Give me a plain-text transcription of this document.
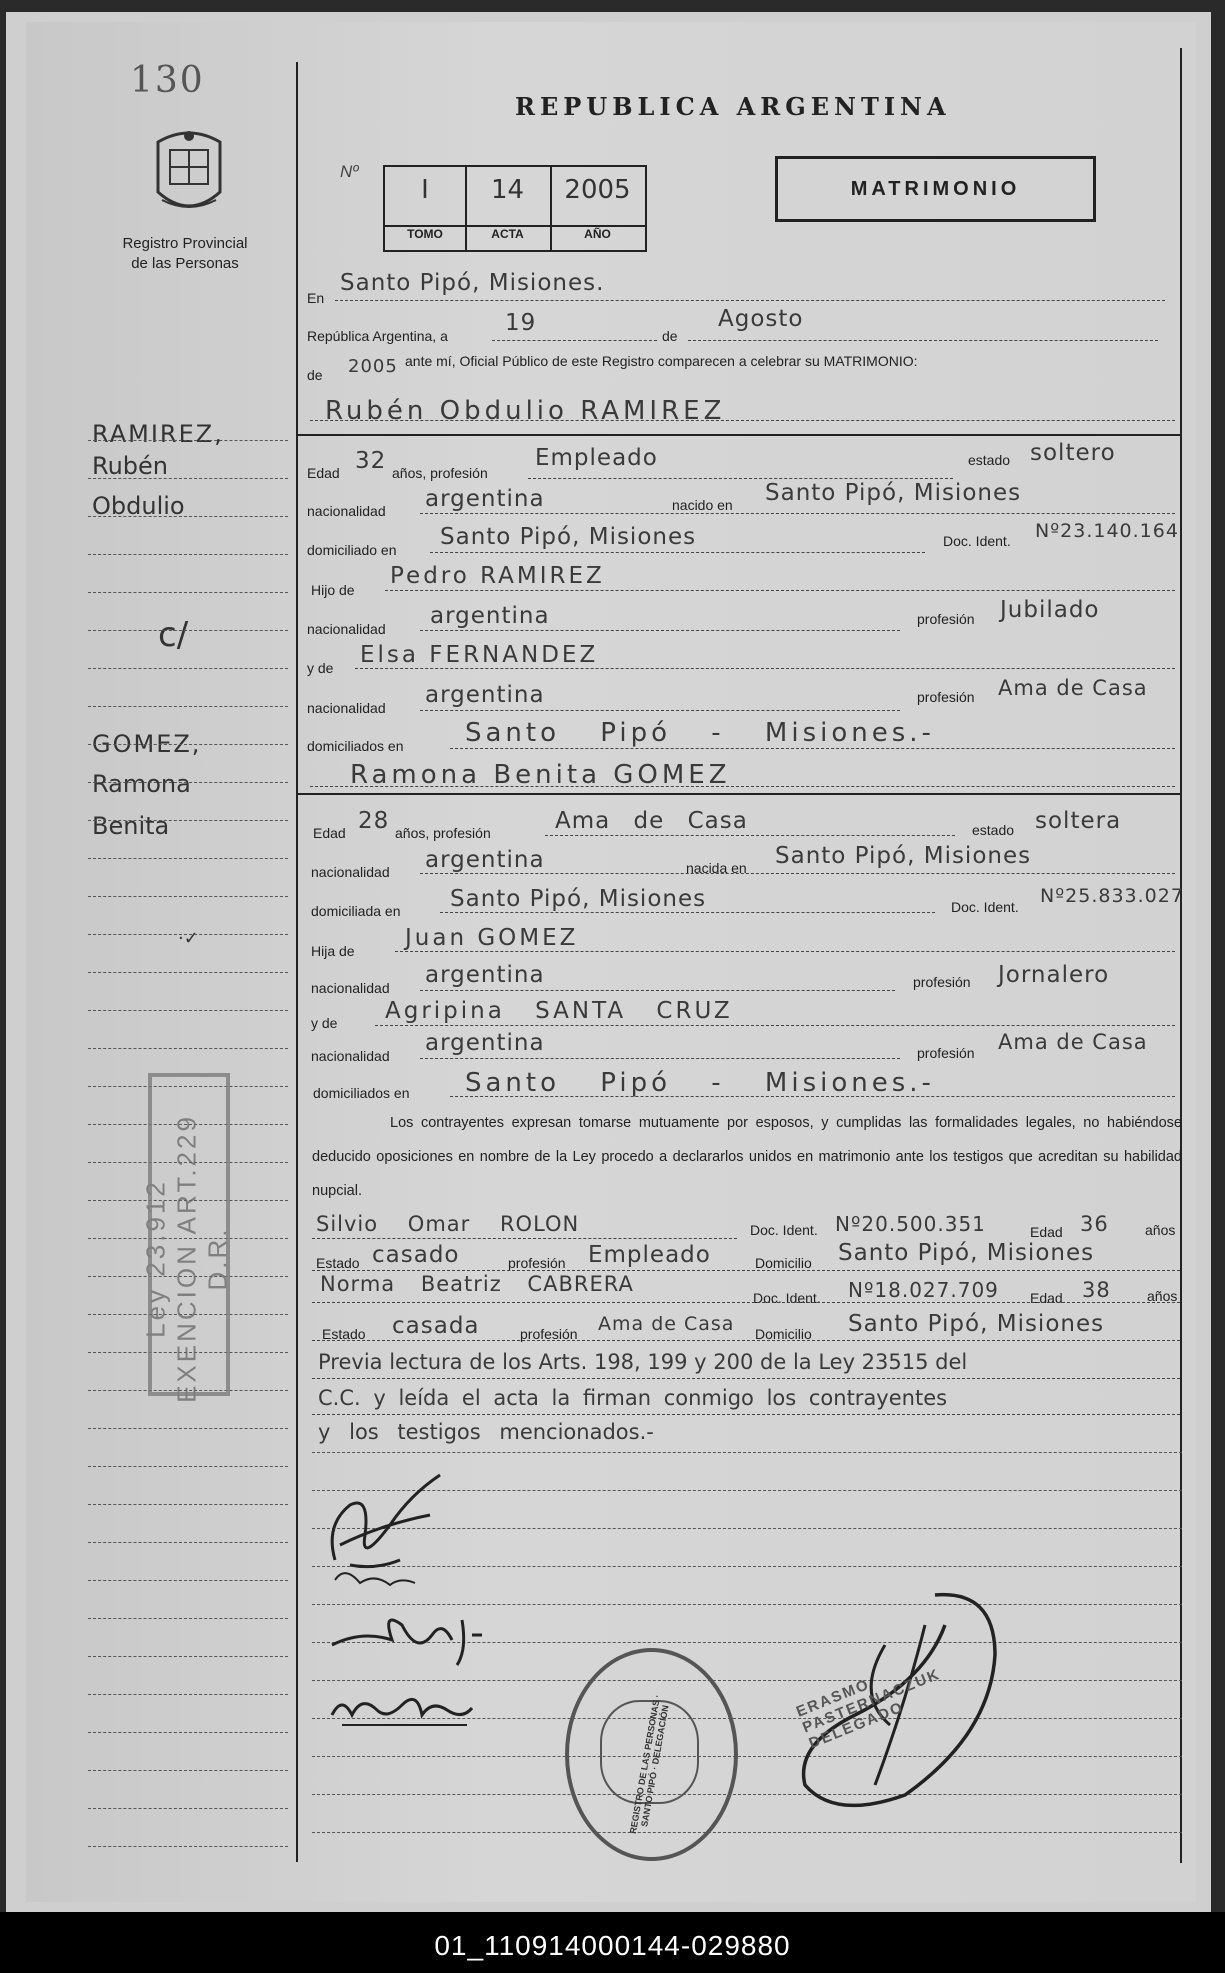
130
Registro Provincial
de las Personas
REPUBLICA ARGENTINA
Nº
I	14	2005
TOMO	ACTA	AÑO
MATRIMONIO
En
Santo Pipó, Misiones.
República Argentina, a 19	de
Agosto
de 2005 ante mí, Oficial Público de este Registro comparecen a celebrar su MATRIMONIO:
Rubén Obdulio RAMIREZ
Edad 32 años, profesión
Empleado	estado soltero
nacionalidad argentina	nacido en Santo Pipó, Misiones
domiciliado en Santo Pipó, Misiones	Doc. Ident. Nº23.140.164
Hijo de
Pedro RAMIREZ
nacionalidad argentina	profesión Jubilado
y de Elsa FERNANDEZ
nacionalidad argentina	profesión Ama de Casa
domiciliados en Santo Pipó - Misiones.-
Ramona Benita GOMEZ
Edad 28 años, profesión	Ama de Casa	estado soltera
nacionalidad argentina	nacida en Santo Pipó, Misiones
domiciliada en Santo Pipó, Misiones	Doc. Ident. Nº25.833.027
Hija de Juan GOMEZ
nacionalidad argentina	profesión Jornalero
y de Agripina SANTA CRUZ
nacionalidad argentina	profesión Ama de Casa
domiciliados en Santo Pipó - Misiones.-
Los contrayentes expresan tomarse mutuamente por esposos, y cumplidas las formalidades legales, no habiéndose deducido oposiciones en nombre de la Ley procedo a declararlos unidos en matrimonio ante los testigos que acreditan su habilidad nupcial.
Silvio Omar ROLON	Doc. Ident. Nº20.500.351	Edad 36	años
Estado casado	profesión Empleado	Domicilio Santo Pipó, Misiones
Norma Beatriz CABRERA
Doc. Ident. Nº18.027.709 Edad 38	años
Estado casada	profesión Ama de Casa Domicilio Santo Pipó, Misiones
Previa lectura de los Arts. 198, 199 y 200 de la Ley 23515 del
C.C. y leída el acta la firman conmigo los contrayentes
y los testigos mencionados.-
RAMIREZ,
Rubén
Obdulio
c/
GOMEZ,
Ramona
Benita
·✓
Ley 23.912 EXENCION ART.229 D.R.
REGISTRO DE LAS PERSONAS · SANTO PIPÓ · DELEGACIÓN
ERASMO PASTERNACZUK DELEGADO
01_110914000144-029880
